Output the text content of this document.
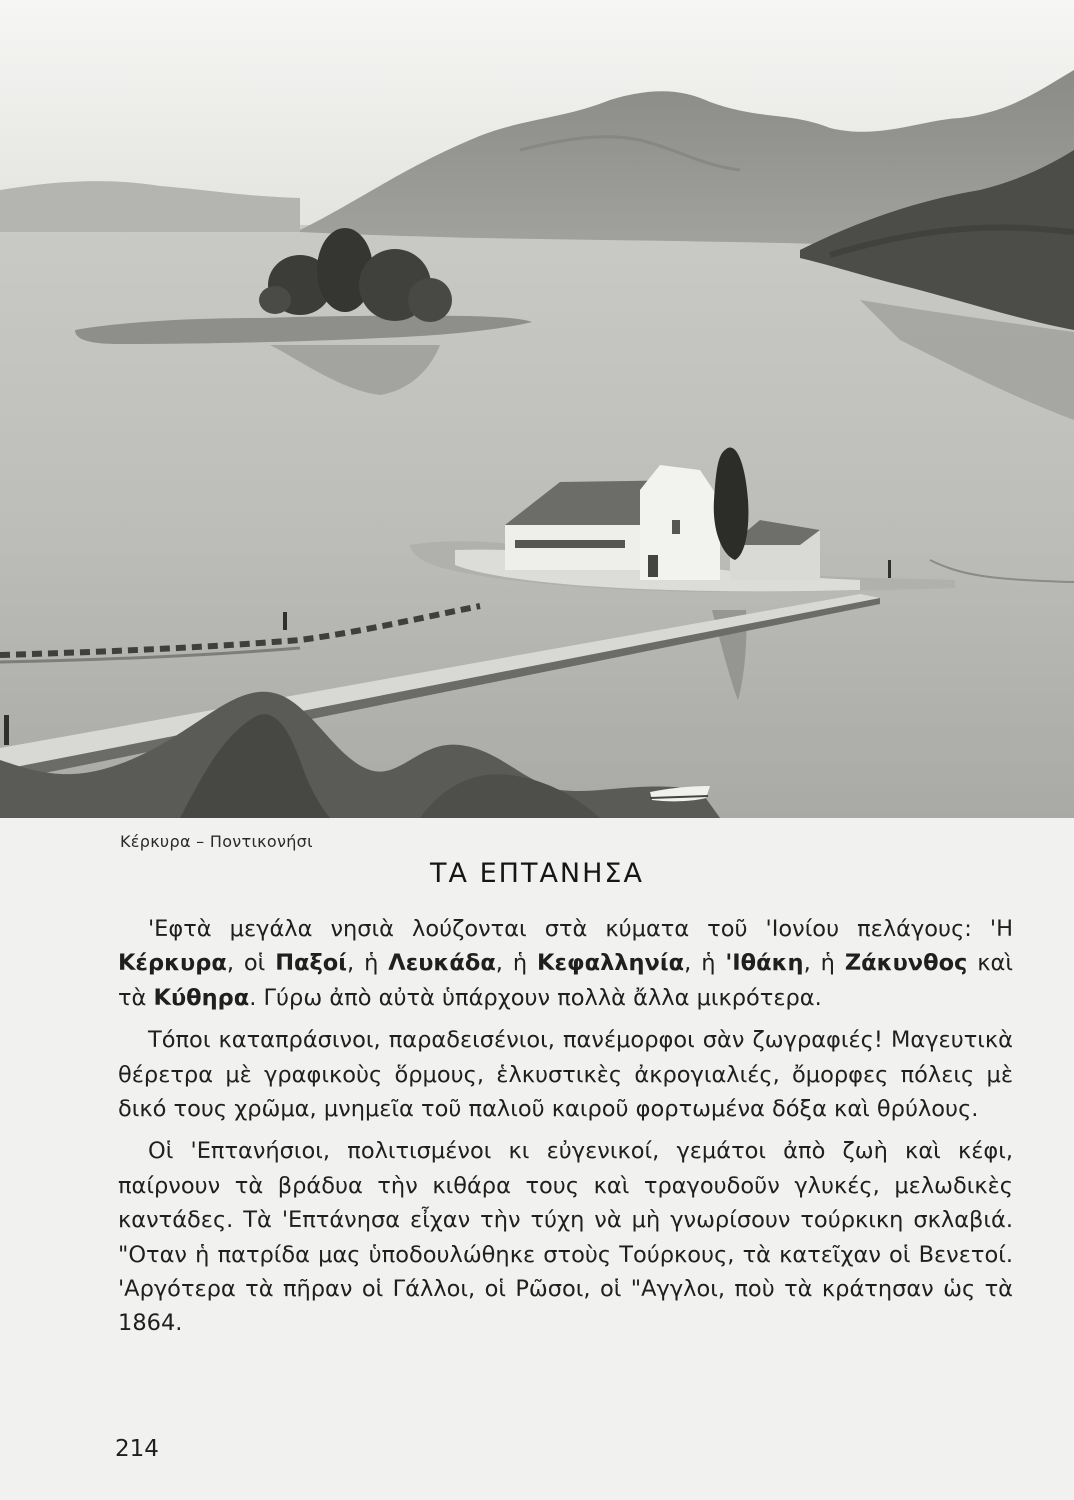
Κέρκυρα – Ποντικονήσι
ΤΑ ΕΠΤΑΝΗΣΑ

'Εφτὰ μεγάλα νησιὰ λούζονται στὰ κύματα τοῦ 'Ιονίου πελάγους: 'Η Κέρκυρα, οἱ Παξοί, ἡ Λευκάδα, ἡ Κεφαλληνία, ἡ 'Ιθάκη, ἡ Ζάκυνθος καὶ τὰ Κύθηρα. Γύρω ἀπὸ αὐτὰ ὑπάρχουν πολλὰ ἄλλα μικρότερα.

Τόποι καταπράσινοι, παραδεισένιοι, πανέμορφοι σὰν ζωγραφιές! Μαγευτικὰ θέρετρα μὲ γραφικοὺς ὅρμους, ἑλκυστικὲς ἀκρογιαλιές, ὄμορφες πόλεις μὲ δικό τους χρῶμα, μνημεῖα τοῦ παλιοῦ καιροῦ φορτωμένα δόξα καὶ θρύλους.

Οἱ 'Επτανήσιοι, πολιτισμένοι κι εὐγενικοί, γεμάτοι ἀπὸ ζωὴ καὶ κέφι, παίρνουν τὰ βράδυα τὴν κιθάρα τους καὶ τραγουδοῦν γλυκές, μελωδικὲς καντάδες. Τὰ 'Επτάνησα εἶχαν τὴν τύχη νὰ μὴ γνωρίσουν τούρκικη σκλαβιά. "Οταν ἡ πατρίδα μας ὑποδουλώθηκε στοὺς Τούρκους, τὰ κατεῖχαν οἱ Βενετοί. 'Αργότερα τὰ πῆραν οἱ Γάλλοι, οἱ Ρῶσοι, οἱ "Αγγλοι, ποὺ τὰ κράτησαν ὡς τὰ 1864.

214
